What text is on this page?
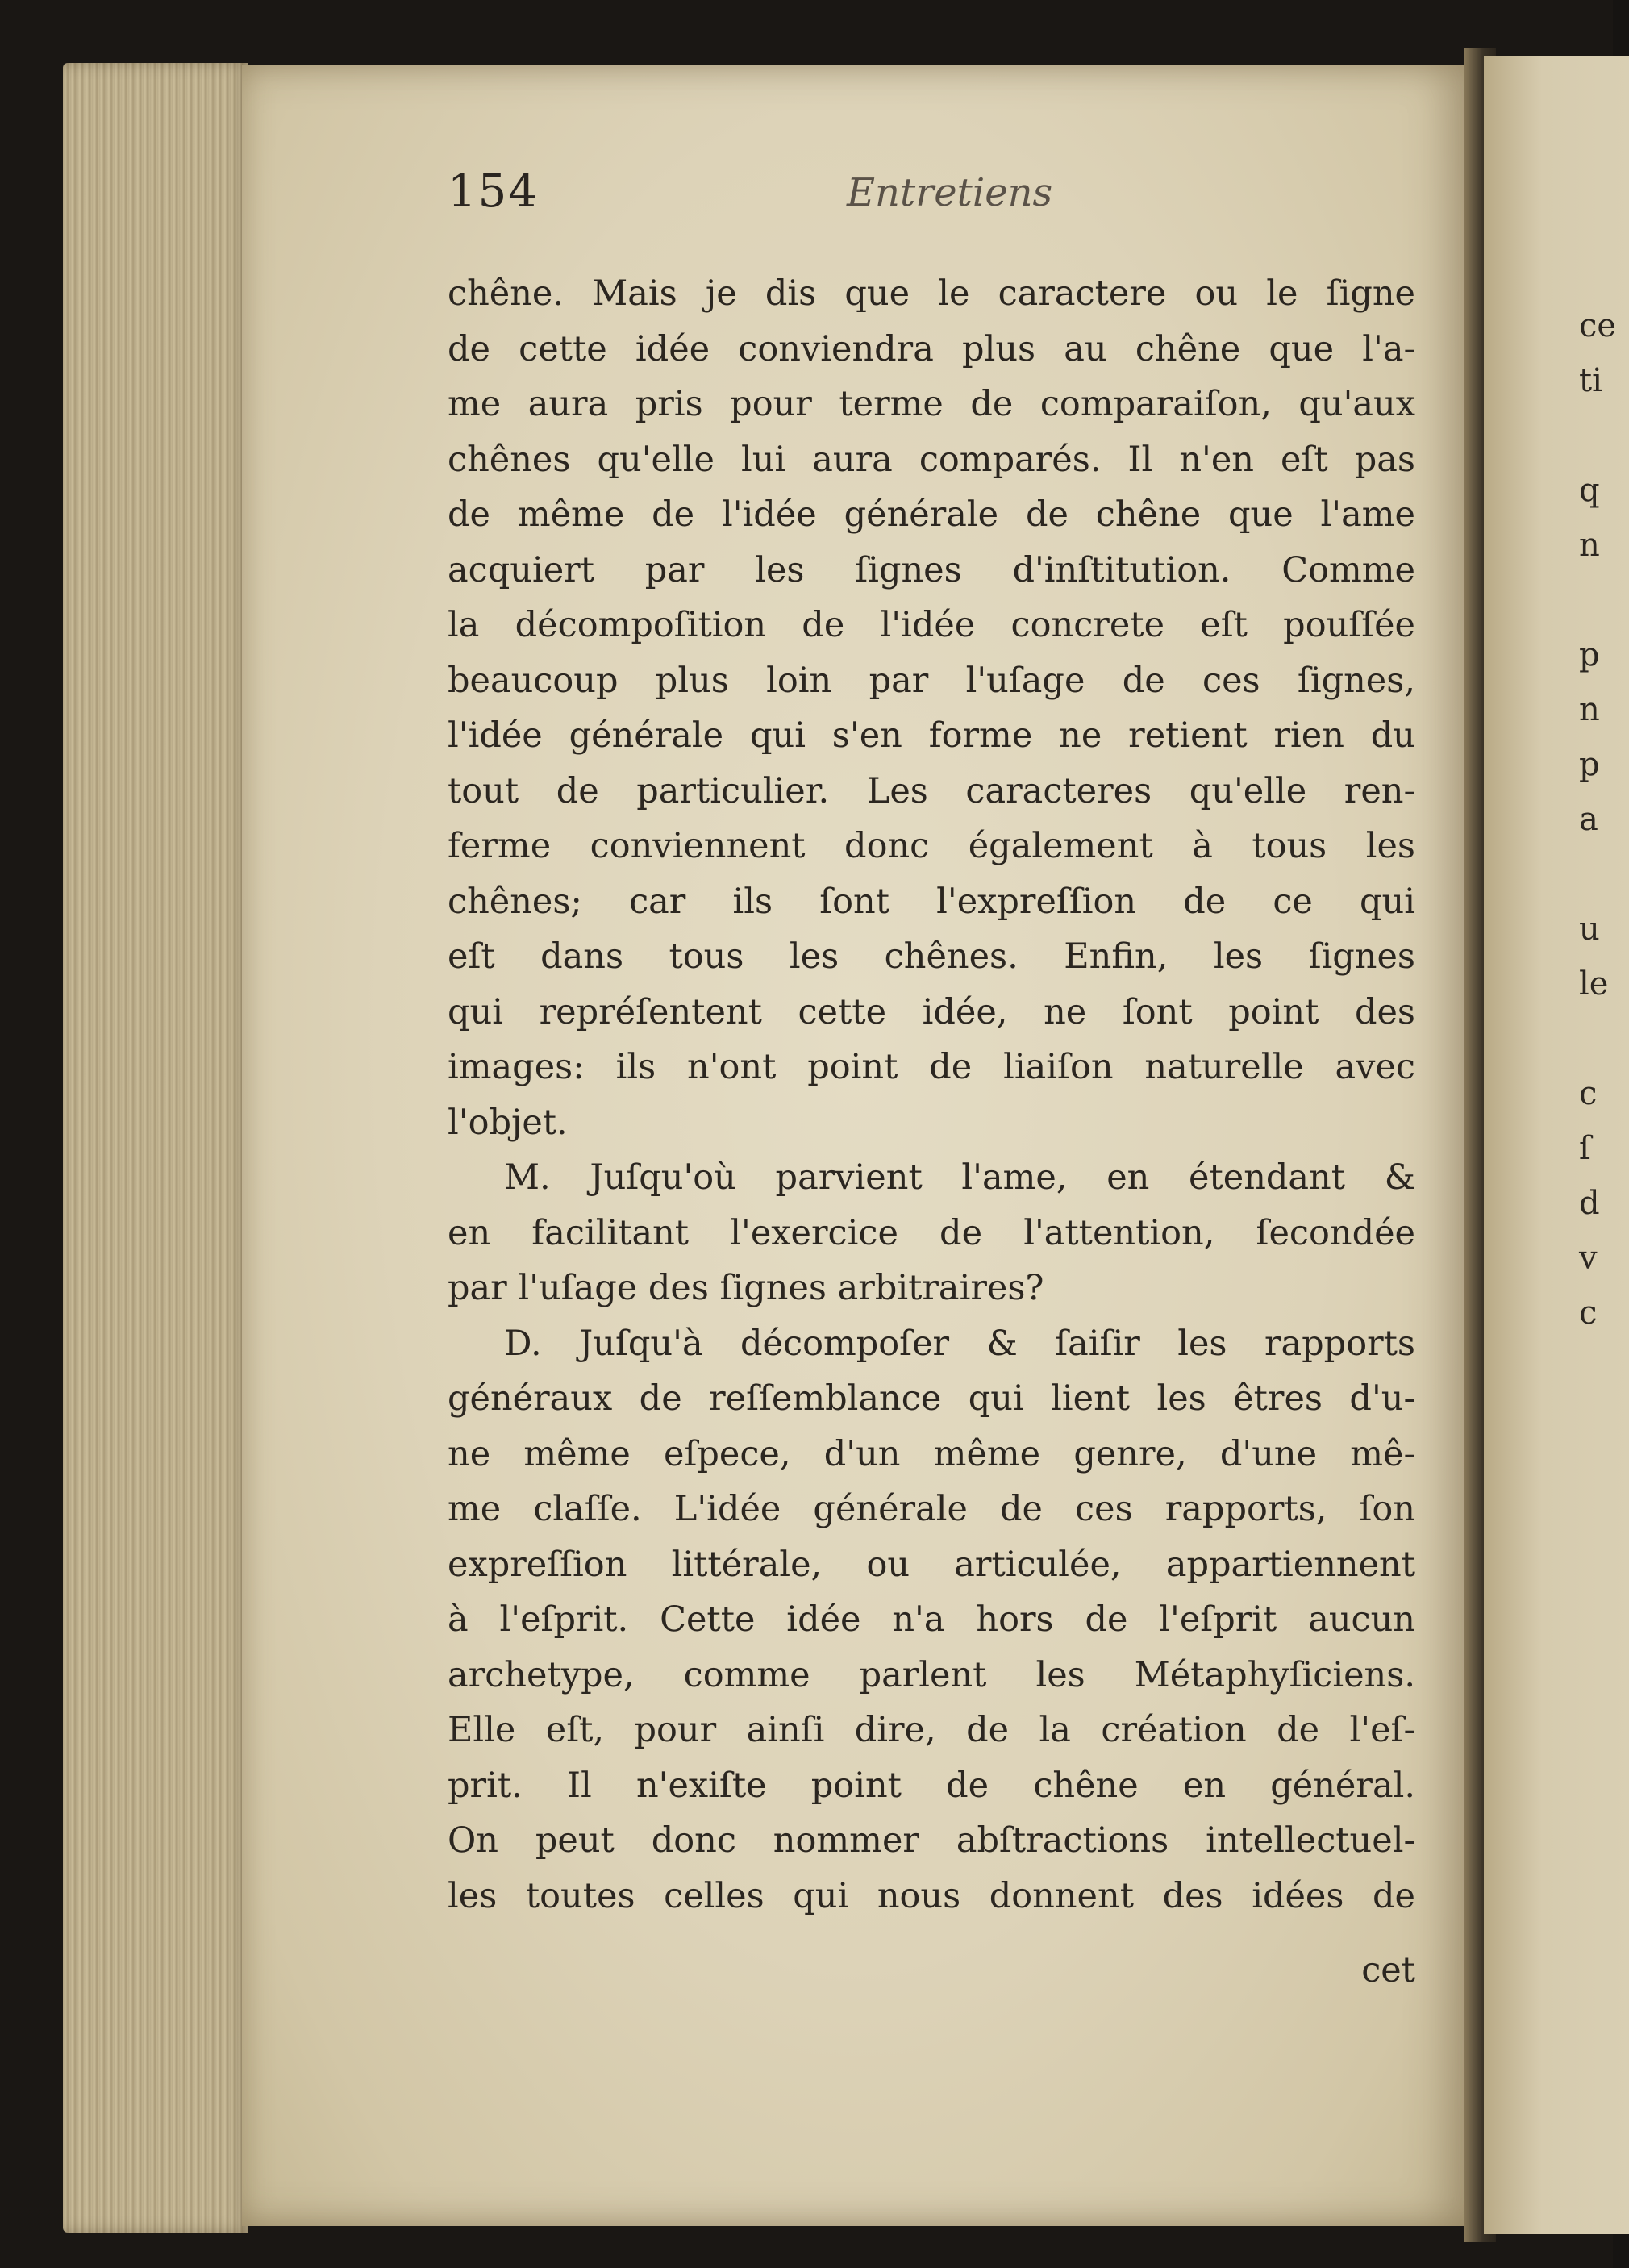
154	Entretiens
chêne. Mais je dis que le caractere ou le ſigne
de cette idée conviendra plus au chêne que l'a-
me aura pris pour terme de comparaiſon, qu'aux
chênes qu'elle lui aura comparés. Il n'en eſt pas
de même de l'idée générale de chêne que l'ame
acquiert par les ſignes d'inſtitution. Comme
la décompoſition de l'idée concrete eſt pouſſée
beaucoup plus loin par l'uſage de ces ſignes,
l'idée générale qui s'en forme ne retient rien du
tout de particulier. Les caracteres qu'elle ren-
ferme conviennent donc également à tous les
chênes; car ils ſont l'expreſſion de ce qui
eſt dans tous les chênes. Enfin, les ſignes
qui repréſentent cette idée, ne ſont point des
images: ils n'ont point de liaiſon naturelle avec
l'objet.
M. Juſqu'où parvient l'ame, en étendant &
en facilitant l'exercice de l'attention, ſecondée
par l'uſage des ſignes arbitraires?
D. Juſqu'à décompoſer & ſaiſir les rapports
généraux de reſſemblance qui lient les êtres d'u-
ne même eſpece, d'un même genre, d'une mê-
me claſſe. L'idée générale de ces rapports, ſon
expreſſion littérale, ou articulée, appartiennent
à l'eſprit. Cette idée n'a hors de l'eſprit aucun
archetype, comme parlent les Métaphyſiciens.
Elle eſt, pour ainſi dire, de la création de l'eſ-
prit. Il n'exiſte point de chêne en général.
On peut donc nommer abſtractions intellectuel-
les toutes celles qui nous donnent des idées de
cet
ce
ti
q
n
p
n
p
a
u
le
c
ſ
d
v
c
